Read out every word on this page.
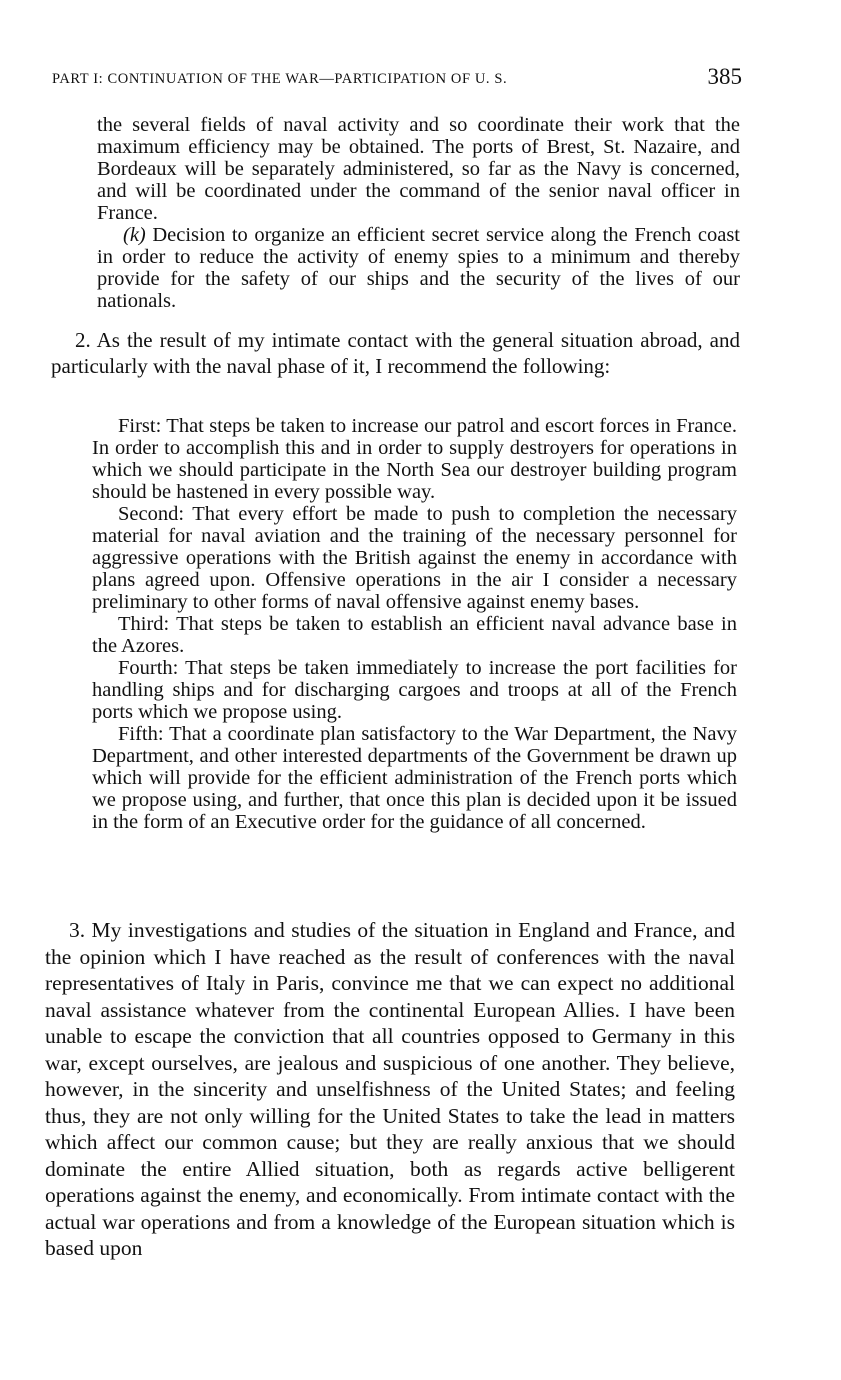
PART I: CONTINUATION OF THE WAR—PARTICIPATION OF U. S.	385

the several fields of naval activity and so coordinate their work that the maximum efficiency may be obtained. The ports of Brest, St. Nazaire, and Bordeaux will be separately administered, so far as the Navy is concerned, and will be coordinated under the command of the senior naval officer in France.

(k) Decision to organize an efficient secret service along the French coast in order to reduce the activity of enemy spies to a minimum and thereby provide for the safety of our ships and the security of the lives of our nationals.

2. As the result of my intimate contact with the general situation abroad, and particularly with the naval phase of it, I recommend the following:

First: That steps be taken to increase our patrol and escort forces in France. In order to accomplish this and in order to supply destroyers for operations in which we should participate in the North Sea our destroyer building program should be hastened in every possible way.

Second: That every effort be made to push to completion the necessary material for naval aviation and the training of the necessary personnel for aggressive operations with the British against the enemy in accordance with plans agreed upon. Offensive operations in the air I consider a necessary preliminary to other forms of naval offensive against enemy bases.

Third: That steps be taken to establish an efficient naval advance base in the Azores.

Fourth: That steps be taken immediately to increase the port facilities for handling ships and for discharging cargoes and troops at all of the French ports which we propose using.

Fifth: That a coordinate plan satisfactory to the War Department, the Navy Department, and other interested departments of the Government be drawn up which will provide for the efficient administration of the French ports which we propose using, and further, that once this plan is decided upon it be issued in the form of an Executive order for the guidance of all concerned.

3. My investigations and studies of the situation in England and France, and the opinion which I have reached as the result of conferences with the naval representatives of Italy in Paris, convince me that we can expect no additional naval assistance whatever from the continental European Allies. I have been unable to escape the conviction that all countries opposed to Germany in this war, except ourselves, are jealous and suspicious of one another. They believe, however, in the sincerity and unselfishness of the United States; and feeling thus, they are not only willing for the United States to take the lead in matters which affect our common cause; but they are really anxious that we should dominate the entire Allied situation, both as regards active belligerent operations against the enemy, and economically. From intimate contact with the actual war operations and from a knowledge of the European situation which is based upon
